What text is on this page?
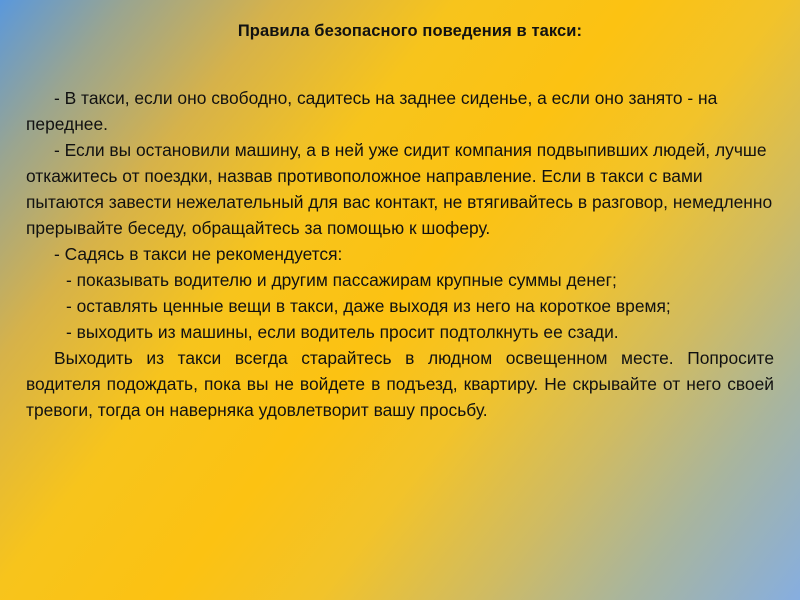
Правила безопасного поведения в такси:

- В такси, если оно свободно, садитесь на заднее сиденье, а если оно занято - на переднее.

- Если вы остановили машину, а в ней уже сидит компания подвыпивших людей, лучше откажитесь от поездки, назвав противоположное направление. Если в такси с вами пытаются завести нежелательный для вас контакт, не втягивайтесь в разговор, немедленно прерывайте беседу, обращайтесь за помощью к шоферу.

- Садясь в такси не рекомендуется:

- показывать водителю и другим пассажирам крупные суммы денег;

- оставлять ценные вещи в такси, даже выходя из него на короткое время;

- выходить из машины, если водитель просит подтолкнуть ее сзади.

Выходить из такси всегда старайтесь в людном освещенном месте. Попросите водителя подождать, пока вы не войдете в подъезд, квартиру. Не скрывайте от него своей тревоги, тогда он наверняка удовлетворит вашу просьбу.
